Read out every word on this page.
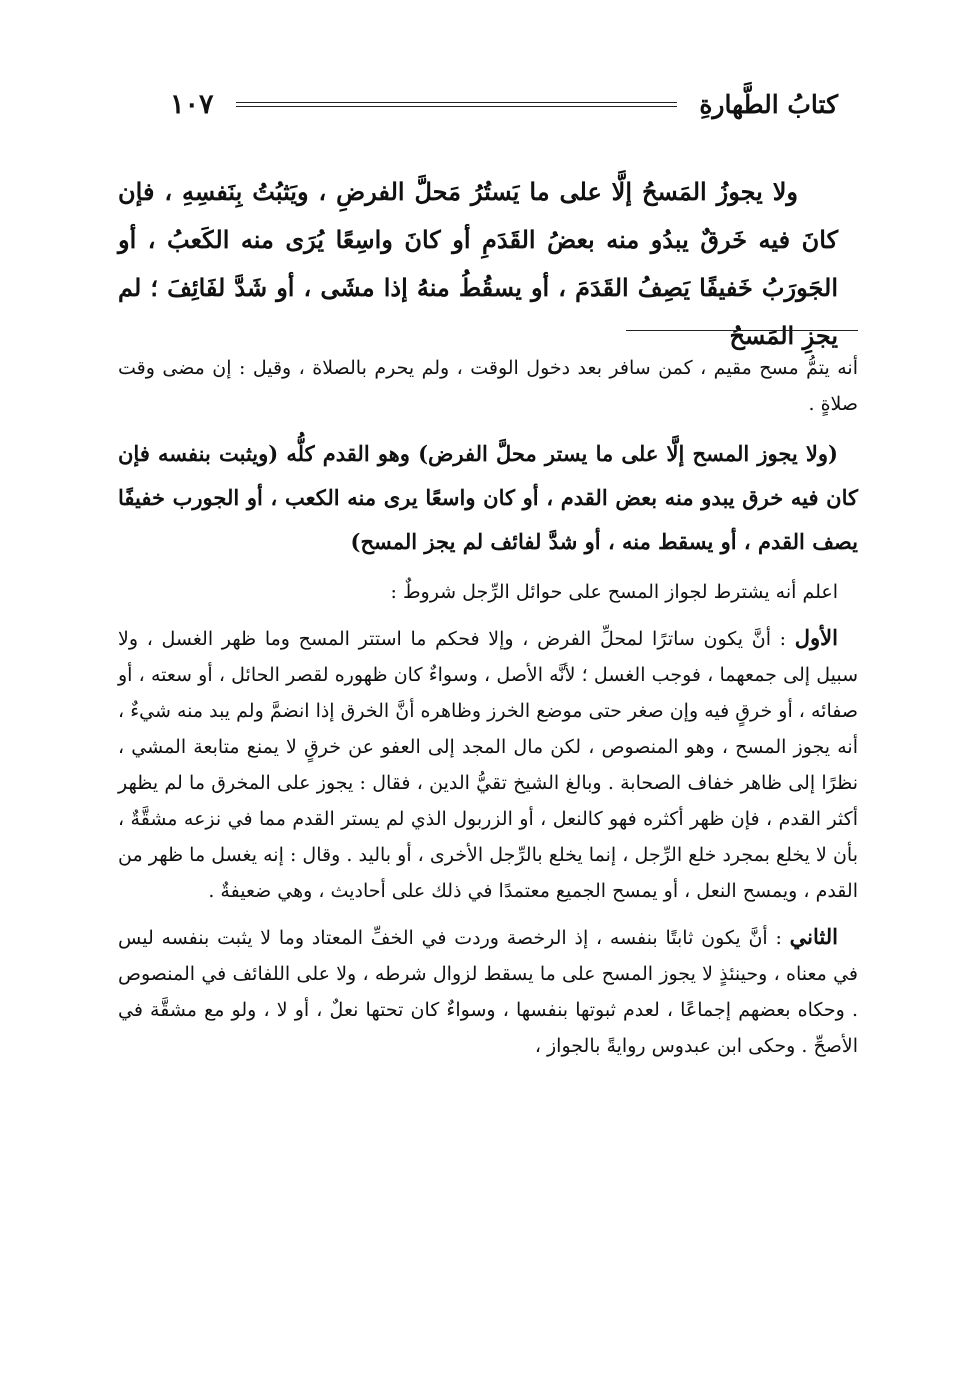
كتابُ الطَّهارةِ
١٠٧

ولا يجوزُ المَسحُ إلَّا على ما يَستُرُ مَحلَّ الفرضِ ، ويَثبُتُ بِنَفسِهِ ، فإن كانَ فيه خَرقٌ يبدُو منه بعضُ القَدَمِ أو كانَ واسِعًا يُرَى منه الكَعبُ ، أو الجَورَبُ خَفيفًا يَصِفُ القَدَمَ ، أو يسقُطُ منهُ إذا مشَى ، أو شَدَّ لفَائِفَ ؛ لم يجزِ المَسحُ

أنه يتمُّ مسح مقيم ، كمن سافر بعد دخول الوقت ، ولم يحرم بالصلاة ، وقيل : إن مضى وقت صلاةٍ .

(ولا يجوز المسح إلَّا على ما يستر محلَّ الفرض) وهو القدم كلُّه (ويثبت بنفسه فإن كان فيه خرق يبدو منه بعض القدم ، أو كان واسعًا يرى منه الكعب ، أو الجورب خفيفًا يصف القدم ، أو يسقط منه ، أو شدَّ لفائف لم يجز المسح)

اعلم أنه يشترط لجواز المسح على حوائل الرِّجل شروطٌ :

الأول : أنَّ يكون ساترًا لمحلِّ الفرض ، وإلا فحكم ما استتر المسح وما ظهر الغسل ، ولا سبيل إلى جمعهما ، فوجب الغسل ؛ لأنَّه الأصل ، وسواءٌ كان ظهوره لقصر الحائل ، أو سعته ، أو صفائه ، أو خرقٍ فيه وإن صغر حتى موضع الخرز وظاهره أنَّ الخرق إذا انضمَّ ولم يبد منه شيءٌ ، أنه يجوز المسح ، وهو المنصوص ، لكن مال المجد إلى العفو عن خرقٍ لا يمنع متابعة المشي ، نظرًا إلى ظاهر خفاف الصحابة . وبالغ الشيخ تقيُّ الدين ، فقال : يجوز على المخرق ما لم يظهر أكثر القدم ، فإن ظهر أكثره فهو كالنعل ، أو الزربول الذي لم يستر القدم مما في نزعه مشقَّةٌ ، بأن لا يخلع بمجرد خلع الرِّجل ، إنما يخلع بالرِّجل الأخرى ، أو باليد . وقال : إنه يغسل ما ظهر من القدم ، ويمسح النعل ، أو يمسح الجميع معتمدًا في ذلك على أحاديث ، وهي ضعيفةٌ .

الثاني : أنَّ يكون ثابتًا بنفسه ، إذ الرخصة وردت في الخفِّ المعتاد وما لا يثبت بنفسه ليس في معناه ، وحينئذٍ لا يجوز المسح على ما يسقط لزوال شرطه ، ولا على اللفائف في المنصوص . وحكاه بعضهم إجماعًا ، لعدم ثبوتها بنفسها ، وسواءٌ كان تحتها نعلٌ ، أو لا ، ولو مع مشقَّة في الأصحِّ . وحكى ابن عبدوس روايةً بالجواز ،
